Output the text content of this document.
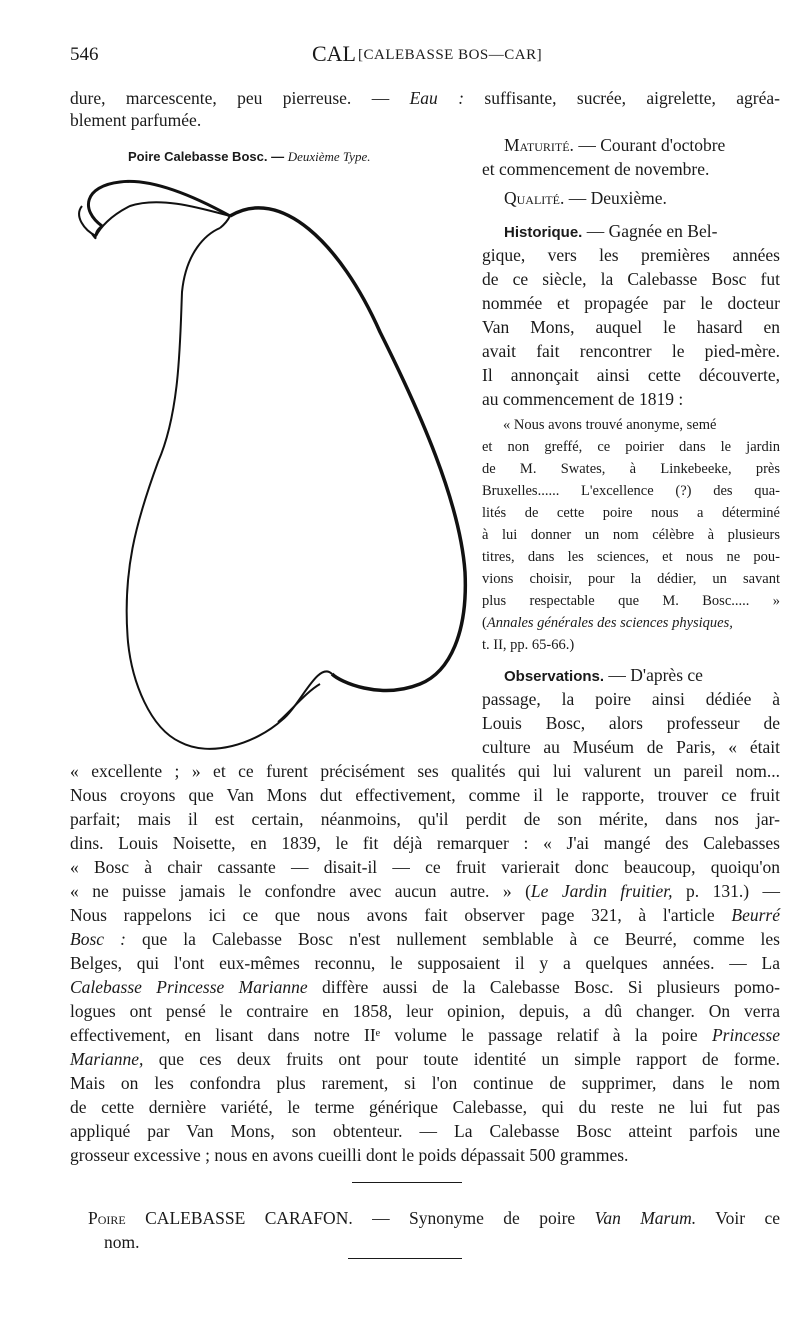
546	CAL [CALEBASSE BOS—CAR]
dure, marcescente, peu pierreuse. — Eau : suffisante, sucrée, aigrelette, agréa-
blement parfumée.
Poire Calebasse Bosc. — Deuxième Type.
Maturité. — Courant d'octobre
et commencement de novembre.
Qualité. — Deuxième.
Historique. — Gagnée en Bel-
gique, vers les premières années
de ce siècle, la Calebasse Bosc fut
nommée et propagée par le docteur
Van Mons, auquel le hasard en
avait fait rencontrer le pied-mère.
Il annonçait ainsi cette découverte,
au commencement de 1819 :
« Nous avons trouvé anonyme, semé
et non greffé, ce poirier dans le jardin
de M. Swates, à Linkebeeke, près
Bruxelles...... L'excellence (?) des qua-
lités de cette poire nous a déterminé
à lui donner un nom célèbre à plusieurs
titres, dans les sciences, et nous ne pou-
vions choisir, pour la dédier, un savant
plus respectable que M. Bosc..... »
(Annales générales des sciences physiques,
t. II, pp. 65-66.)
Observations. — D'après ce
passage, la poire ainsi dédiée à
Louis Bosc, alors professeur de
culture au Muséum de Paris, « était
« excellente ; » et ce furent précisément ses qualités qui lui valurent un pareil nom...
Nous croyons que Van Mons dut effectivement, comme il le rapporte, trouver ce fruit
parfait; mais il est certain, néanmoins, qu'il perdit de son mérite, dans nos jar-
dins. Louis Noisette, en 1839, le fit déjà remarquer : « J'ai mangé des Calebasses
« Bosc à chair cassante — disait-il — ce fruit varierait donc beaucoup, quoiqu'on
« ne puisse jamais le confondre avec aucun autre. » (Le Jardin fruitier, p. 131.) —
Nous rappelons ici ce que nous avons fait observer page 321, à l'article Beurré
Bosc : que la Calebasse Bosc n'est nullement semblable à ce Beurré, comme les
Belges, qui l'ont eux-mêmes reconnu, le supposaient il y a quelques années. — La
Calebasse Princesse Marianne diffère aussi de la Calebasse Bosc. Si plusieurs pomo-
logues ont pensé le contraire en 1858, leur opinion, depuis, a dû changer. On verra
effectivement, en lisant dans notre IIᵉ volume le passage relatif à la poire Princesse
Marianne, que ces deux fruits ont pour toute identité un simple rapport de forme.
Mais on les confondra plus rarement, si l'on continue de supprimer, dans le nom
de cette dernière variété, le terme générique Calebasse, qui du reste ne lui fut pas
appliqué par Van Mons, son obtenteur. — La Calebasse Bosc atteint parfois une
grosseur excessive ; nous en avons cueilli dont le poids dépassait 500 grammes.
Poire CALEBASSE CARAFON. — Synonyme de poire Van Marum. Voir ce
nom.
